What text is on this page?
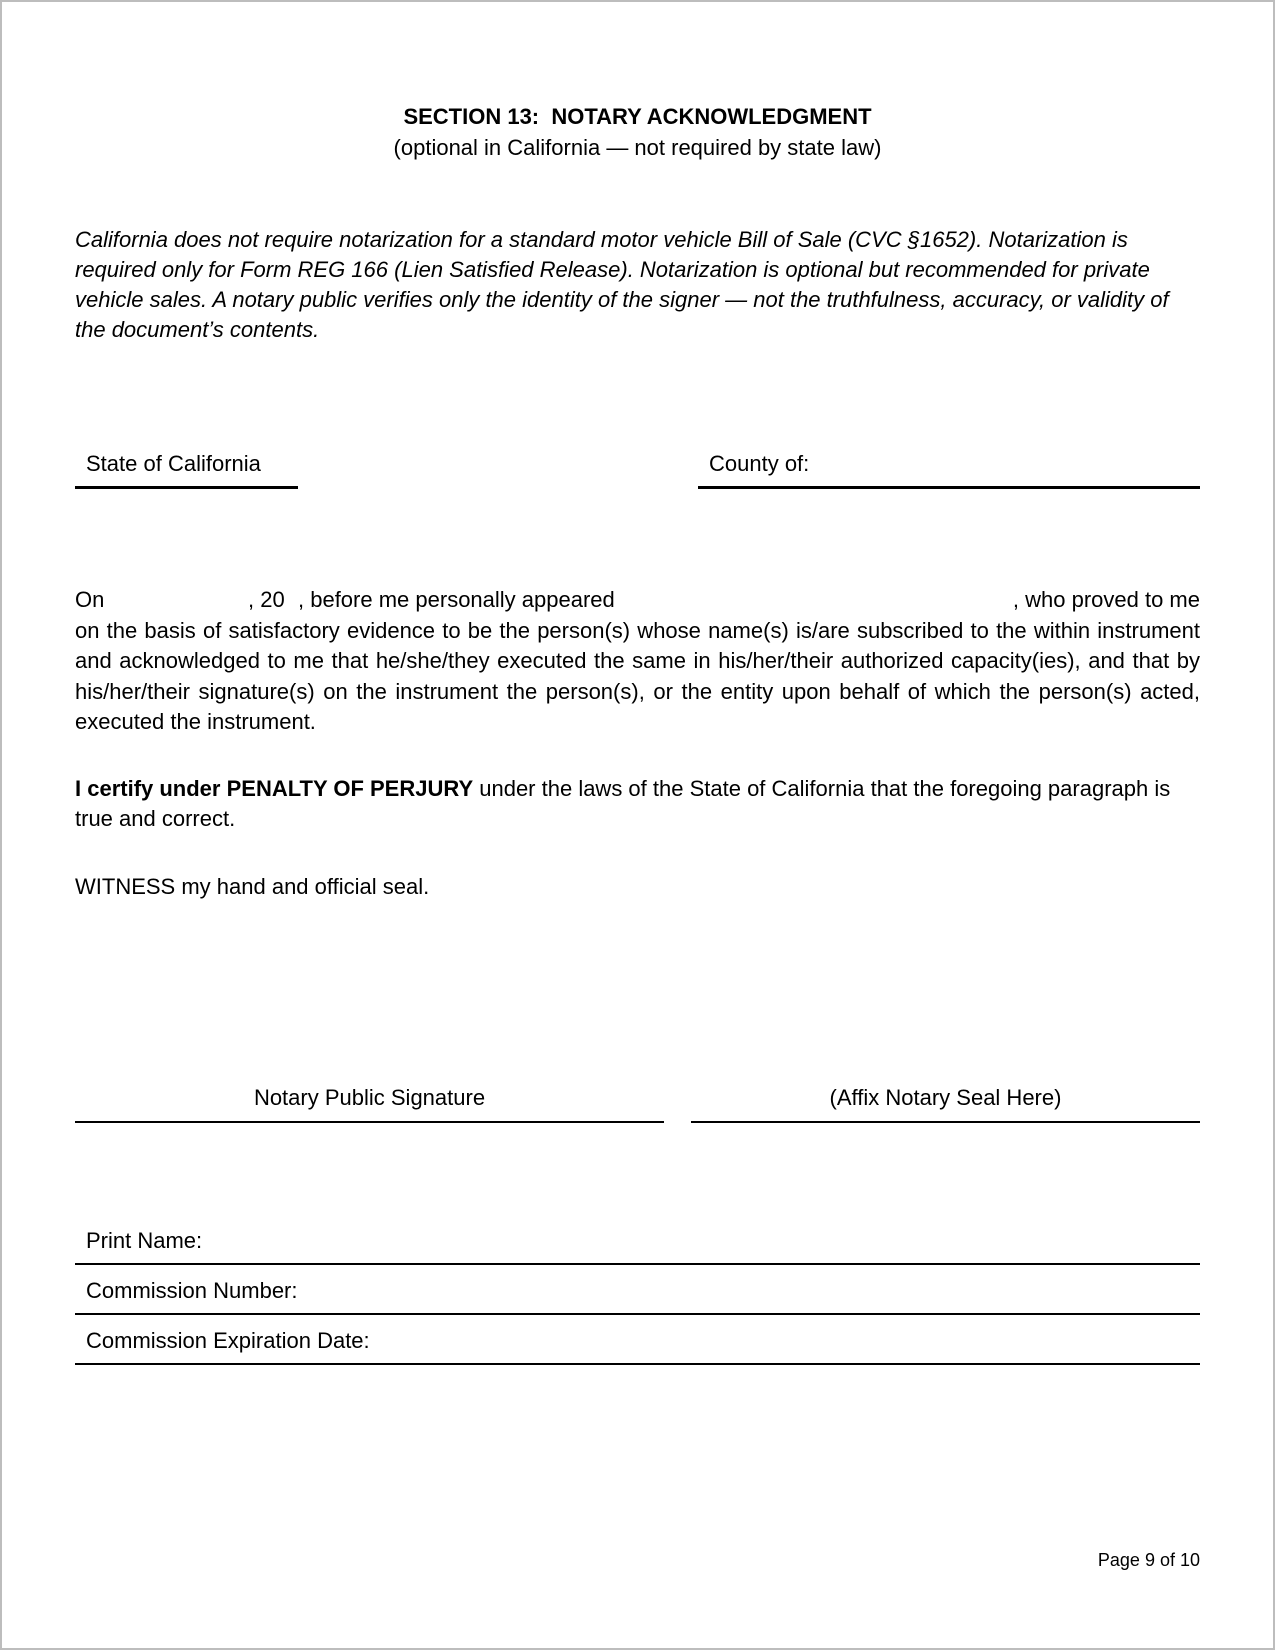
SECTION 13:  NOTARY ACKNOWLEDGMENT
(optional in California — not required by state law)
California does not require notarization for a standard motor vehicle Bill of Sale (CVC §1652). Notarization is required only for Form REG 166 (Lien Satisfied Release). Notarization is optional but recommended for private vehicle sales. A notary public verifies only the identity of the signer — not the truthfulness, accuracy, or validity of the document’s contents.
State of California	County of:
On	, 20 , before me personally appeared	, who proved to me
on the basis of satisfactory evidence to be the person(s) whose name(s) is/are subscribed to the within instrument and acknowledged to me that he/she/they executed the same in his/her/their authorized capacity(ies), and that by his/her/their signature(s) on the instrument the person(s), or the entity upon behalf of which the person(s) acted, executed the instrument.
I certify under PENALTY OF PERJURY under the laws of the State of California that the foregoing paragraph is true and correct.
WITNESS my hand and official seal.
Notary Public Signature	(Affix Notary Seal Here)
Print Name:
Commission Number:
Commission Expiration Date:
Page 9 of 10
